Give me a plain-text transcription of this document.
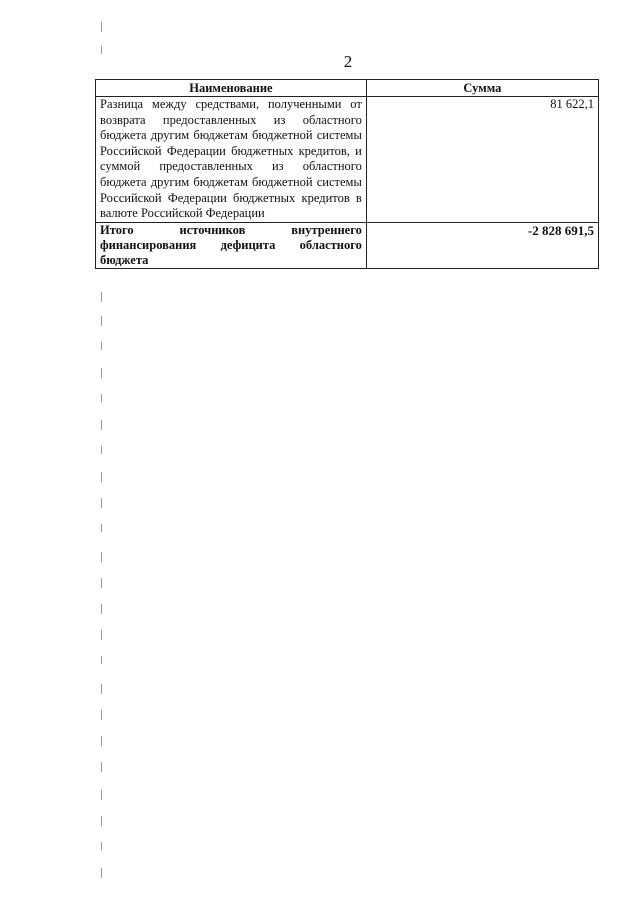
2
Наименование	Сумма
Разница между средствами, полученными от возврата предоставленных из областного бюджета другим бюджетам бюджетной системы Российской Федерации бюджетных кредитов, и суммой предоставленных из областного бюджета другим бюджетам бюджетной системы Российской Федерации бюджетных кредитов в валюте Российской Федерации	81 622,1
Итого источников внутреннего финансирования дефицита областного бюджета	-2 828 691,5
